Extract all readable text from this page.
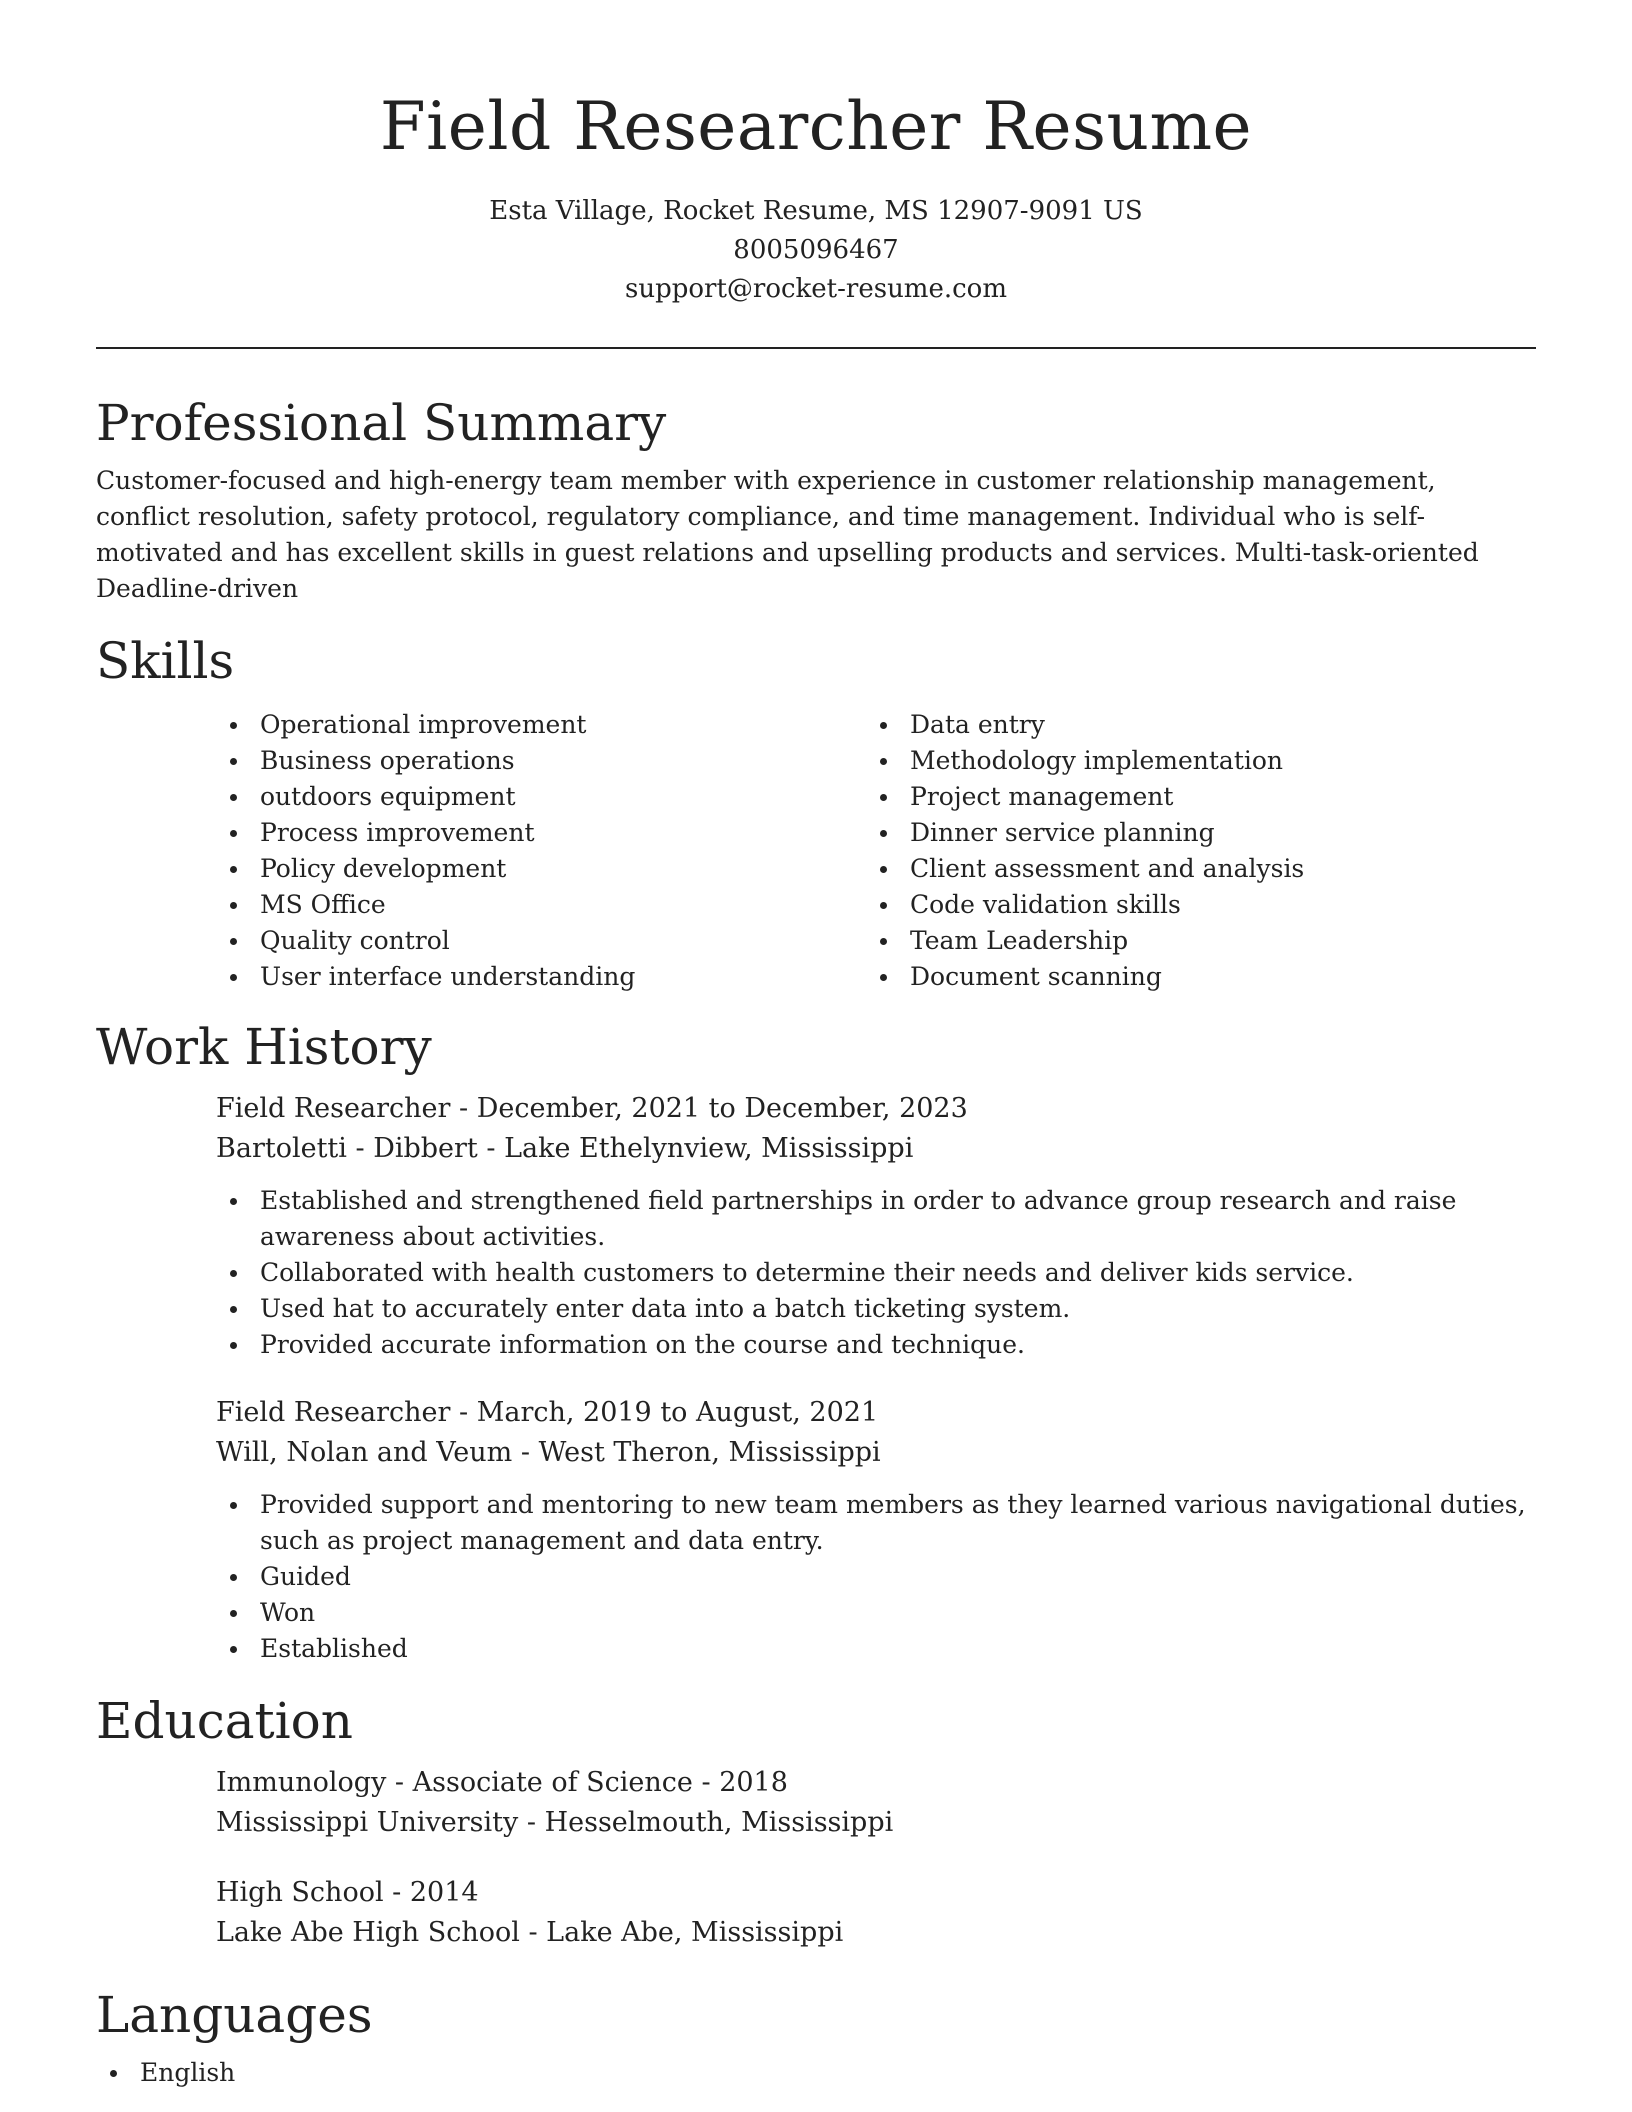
Field Researcher Resume
Esta Village, Rocket Resume, MS 12907-9091 US
8005096467
support@rocket-resume.com
Professional Summary

Customer-focused and high-energy team member with experience in customer relationship management, conflict resolution, safety protocol, regulatory compliance, and time management. Individual who is self-motivated and has excellent skills in guest relations and upselling products and services. Multi-task-oriented Deadline-driven

Skills
Operational improvement
Business operations
outdoors equipment
Process improvement
Policy development
MS Office
Quality control
User interface understanding
Data entry
Methodology implementation
Project management
Dinner service planning
Client assessment and analysis
Code validation skills
Team Leadership
Document scanning
Work History
Field Researcher - December, 2021 to December, 2023
Bartoletti - Dibbert - Lake Ethelynview, Mississippi
Established and strengthened field partnerships in order to advance group research and raise awareness about activities.
Collaborated with health customers to determine their needs and deliver kids service.
Used hat to accurately enter data into a batch ticketing system.
Provided accurate information on the course and technique.
Field Researcher - March, 2019 to August, 2021
Will, Nolan and Veum - West Theron, Mississippi
Provided support and mentoring to new team members as they learned various navigational duties, such as project management and data entry.
Guided
Won
Established
Education
Immunology - Associate of Science - 2018
Mississippi University - Hesselmouth, Mississippi
High School - 2014
Lake Abe High School - Lake Abe, Mississippi
Languages
English
